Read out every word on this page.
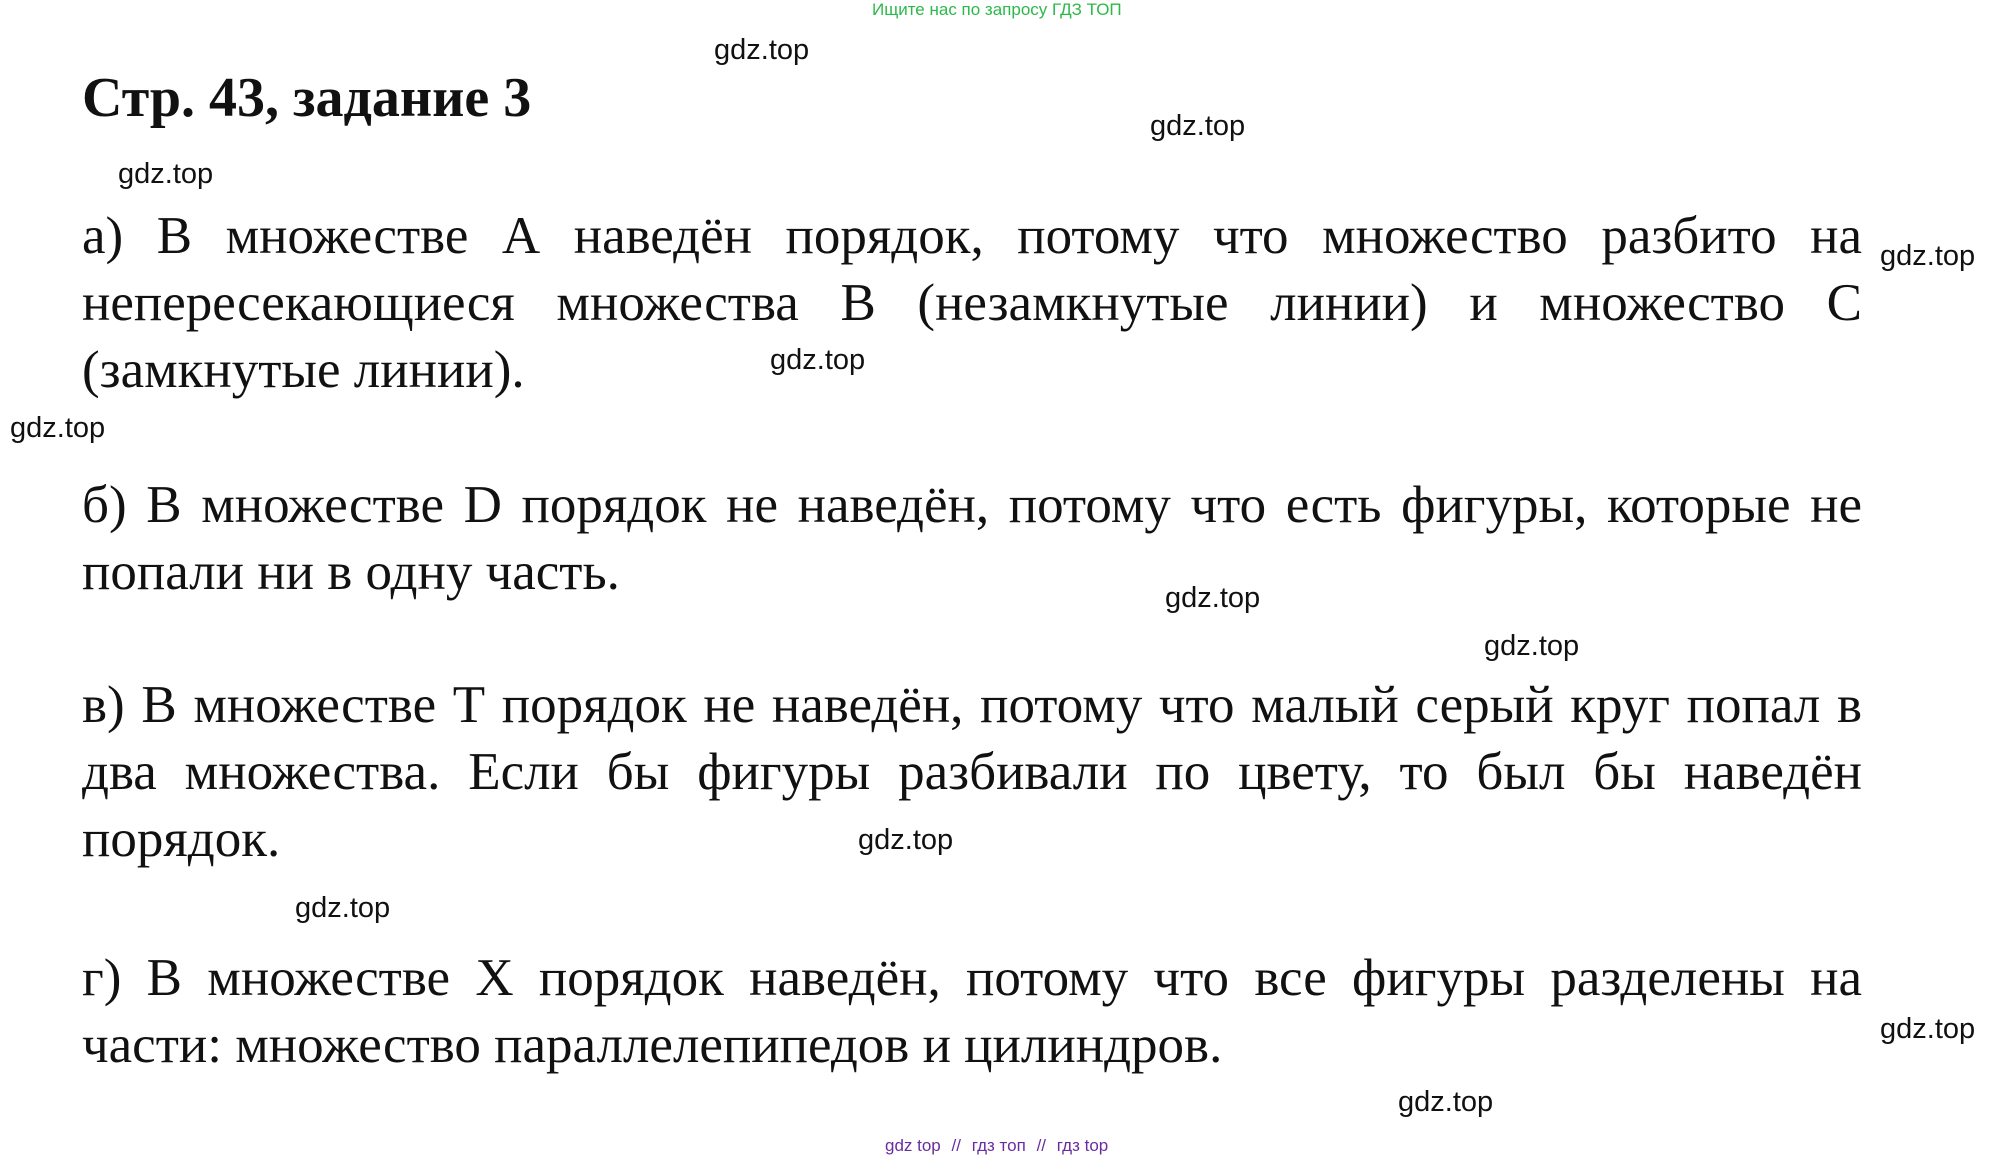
Ищите нас по запросу ГДЗ ТОП
Стр. 43, задание 3
а) В множестве А наведён порядок, потому что множество разбито на непересекающиеся множества В (незамкнутые линии) и множество С (замкнутые линии).
б) В множестве D порядок не наведён, потому что есть фигуры, которые не попали ни в одну часть.
в) В множестве Т порядок не наведён, потому что малый серый круг попал в два множества. Если бы фигуры разбивали по цвету, то был бы наведён порядок.
г) В множестве X порядок наведён, потому что все фигуры разделены на части: множество параллелепипедов и цилиндров.
gdz.top
gdz.top
gdz.top
gdz.top
gdz.top
gdz.top
gdz.top
gdz.top
gdz.top
gdz.top
gdz.top
gdz.top
gdz top // гдз топ // гдз top
